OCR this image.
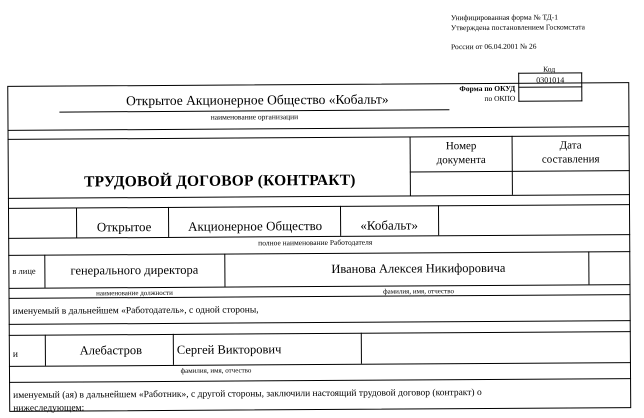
Унифицированная форма № ТД-1
Утверждена постановлением Госкомстата
России от 06.04.2001 № 26
Код
0301014

Форма по ОКУД
по ОКПО
Открытое Акционерное Общество «Кобальт»
наименование организации
ТРУДОВОЙ ДОГОВОР (КОНТРАКТ)
Номер
документа
Дата
составления
Открытое	Акционерное Общество	«Кобальт»
полное наименование Работодателя
в лице	генерального директора	Иванова Алексея Никифоровича
наименование должности	фамилия, имя, отчество
именуемый в дальнейшем «Работодатель», с одной стороны,
и	Алебастров	Сергей Викторович
фамилия, имя, отчество
именуемый (ая) в дальнейшем «Работник», с другой стороны, заключили настоящий трудовой договор (контракт) о
нижеследующем:
